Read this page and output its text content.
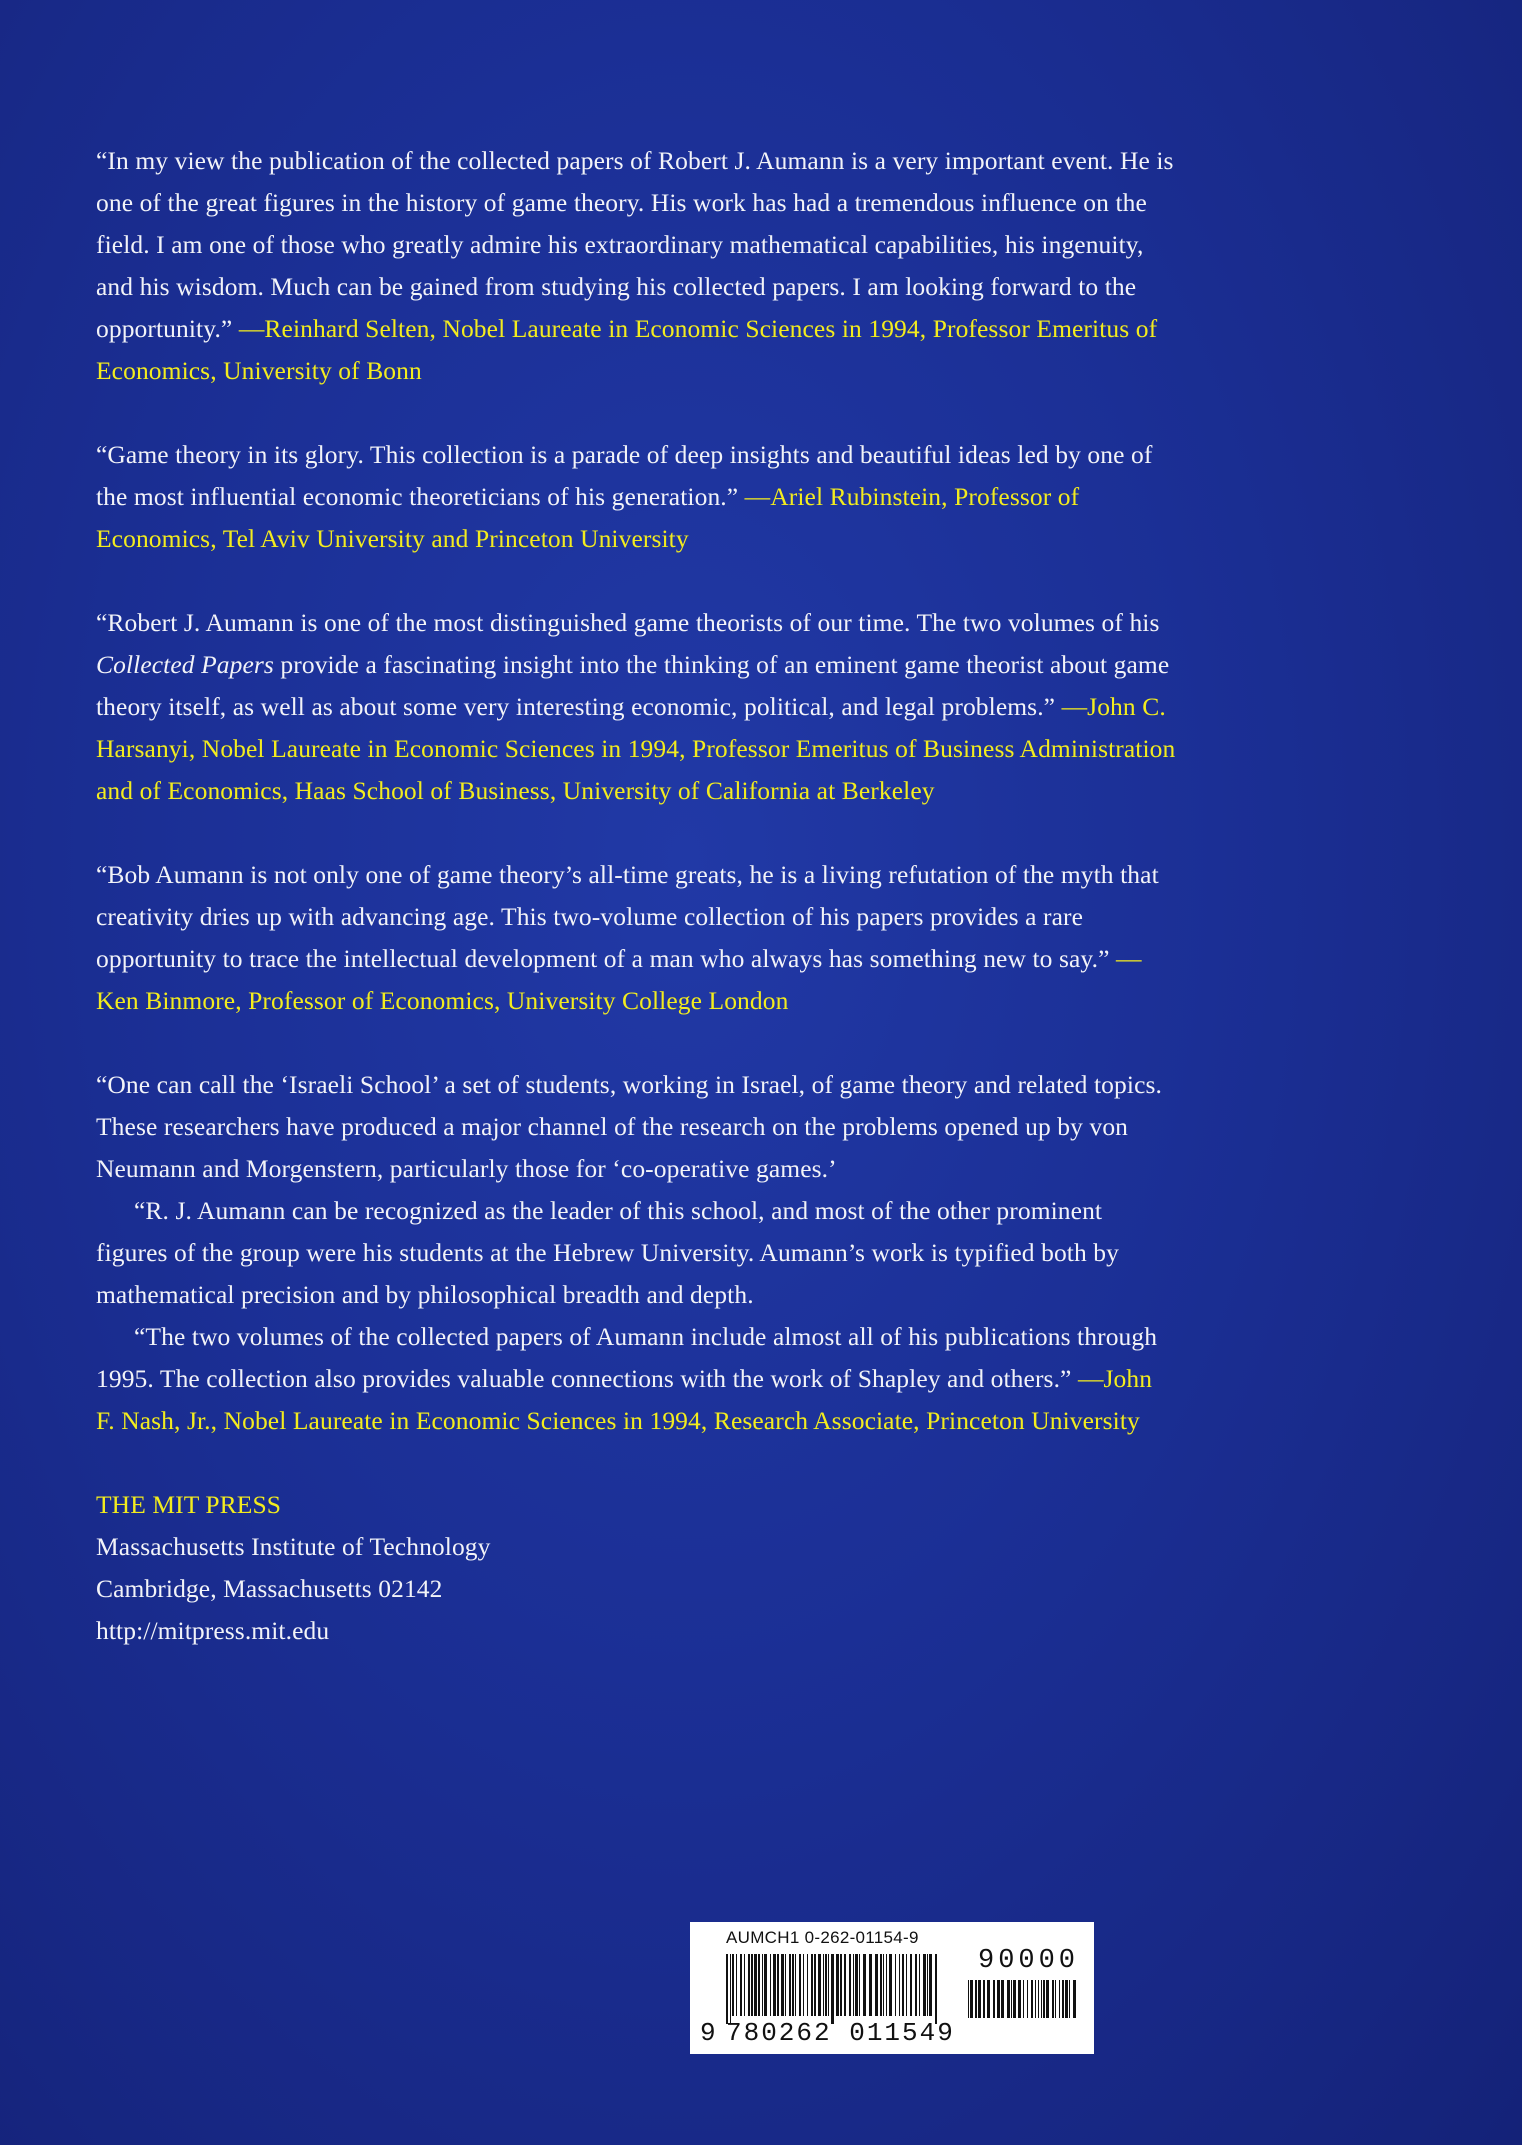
“In my view the publication of the collected papers of Robert J. Aumann is a very important event. He is one of the great figures in the history of game theory. His work has had a tremendous influence on the field. I am one of those who greatly admire his extraordinary mathematical capabilities, his ingenuity, and his wisdom. Much can be gained from studying his collected papers. I am looking forward to the opportunity.” —Reinhard Selten, Nobel Laureate in Economic Sciences in 1994, Professor Emeritus of Economics, University of Bonn

“Game theory in its glory. This collection is a parade of deep insights and beautiful ideas led by one of the most influential economic theoreticians of his generation.” —Ariel Rubinstein, Professor of Economics, Tel Aviv University and Princeton University

“Robert J. Aumann is one of the most distinguished game theorists of our time. The two volumes of his Collected Papers provide a fascinating insight into the thinking of an eminent game theorist about game theory itself, as well as about some very interesting economic, political, and legal problems.” —John C. Harsanyi, Nobel Laureate in Economic Sciences in 1994, Professor Emeritus of Business Administration and of Economics, Haas School of Business, University of California at Berkeley

“Bob Aumann is not only one of game theory’s all-time greats, he is a living refutation of the myth that creativity dries up with advancing age. This two-volume collection of his papers provides a rare opportunity to trace the intellectual development of a man who always has something new to say.” —Ken Binmore, Professor of Economics, University College London

“One can call the ‘Israeli School’ a set of students, working in Israel, of game theory and related topics. These researchers have produced a major channel of the research on the problems opened up by von Neumann and Morgenstern, particularly those for ‘co-operative games.’

“R. J. Aumann can be recognized as the leader of this school, and most of the other prominent figures of the group were his students at the Hebrew University. Aumann’s work is typified both by mathematical precision and by philosophical breadth and depth.

“The two volumes of the collected papers of Aumann include almost all of his publications through 1995. The collection also provides valuable connections with the work of Shapley and others.” —John F. Nash, Jr., Nobel Laureate in Economic Sciences in 1994, Research Associate, Princeton University

THE MIT PRESS
Massachusetts Institute of Technology
Cambridge, Massachusetts 02142
http://mitpress.mit.edu
AUMCH1 0-262-01154-9
90000
9 780262 011549
